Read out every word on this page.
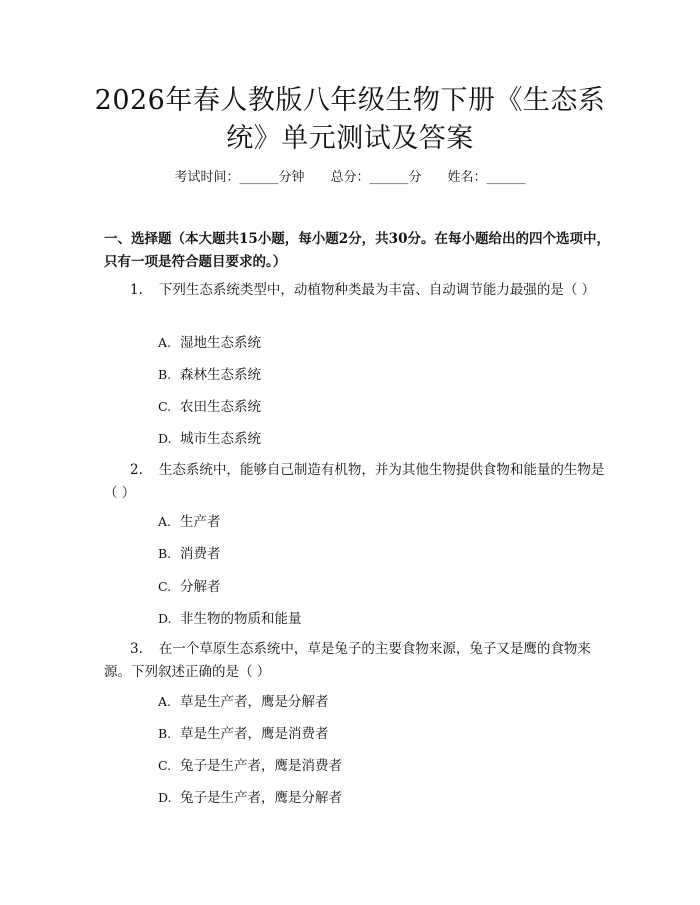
2026年春人教版八年级生物下册《生态系统》单元测试及答案
考试时间：______分钟　　总分：______分　　姓名：______

一、选择题（本大题共15小题，每小题2分，共30分。在每小题给出的四个选项中，只有一项是符合题目要求的。）

1. 下列生态系统类型中，动植物种类最为丰富、自动调节能力最强的是（ ）

A. 湿地生态系统

B. 森林生态系统

C. 农田生态系统

D. 城市生态系统

2. 生态系统中，能够自己制造有机物，并为其他生物提供食物和能量的生物是（ ）

A. 生产者

B. 消费者

C. 分解者

D. 非生物的物质和能量

3. 在一个草原生态系统中，草是兔子的主要食物来源，兔子又是鹰的食物来源。下列叙述正确的是（ ）

A. 草是生产者，鹰是分解者

B. 草是生产者，鹰是消费者

C. 兔子是生产者，鹰是消费者

D. 兔子是生产者，鹰是分解者
